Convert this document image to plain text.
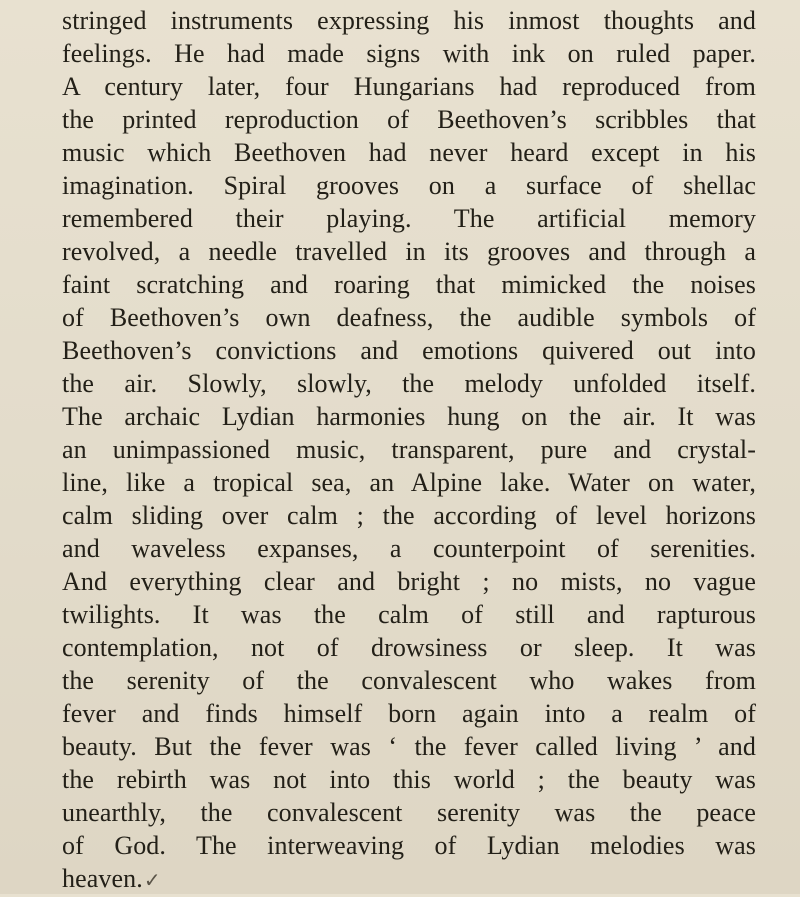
stringed instruments expressing his inmost thoughts and
feelings. He had made signs with ink on ruled paper.
A century later, four Hungarians had reproduced from
the printed reproduction of Beethoven’s scribbles that
music which Beethoven had never heard except in his
imagination. Spiral grooves on a surface of shellac
remembered their playing. The artificial memory
revolved, a needle travelled in its grooves and through a
faint scratching and roaring that mimicked the noises
of Beethoven’s own deafness, the audible symbols of
Beethoven’s convictions and emotions quivered out into
the air. Slowly, slowly, the melody unfolded itself.
The archaic Lydian harmonies hung on the air. It was
an unimpassioned music, transparent, pure and crystal-
line, like a tropical sea, an Alpine lake. Water on water,
calm sliding over calm ; the according of level horizons
and waveless expanses, a counterpoint of serenities.
And everything clear and bright ; no mists, no vague
twilights. It was the calm of still and rapturous
contemplation, not of drowsiness or sleep. It was
the serenity of the convalescent who wakes from
fever and finds himself born again into a realm of
beauty. But the fever was ‘ the fever called living ’ and
the rebirth was not into this world ; the beauty was
unearthly, the convalescent serenity was the peace
of God. The interweaving of Lydian melodies was
heaven.✓
